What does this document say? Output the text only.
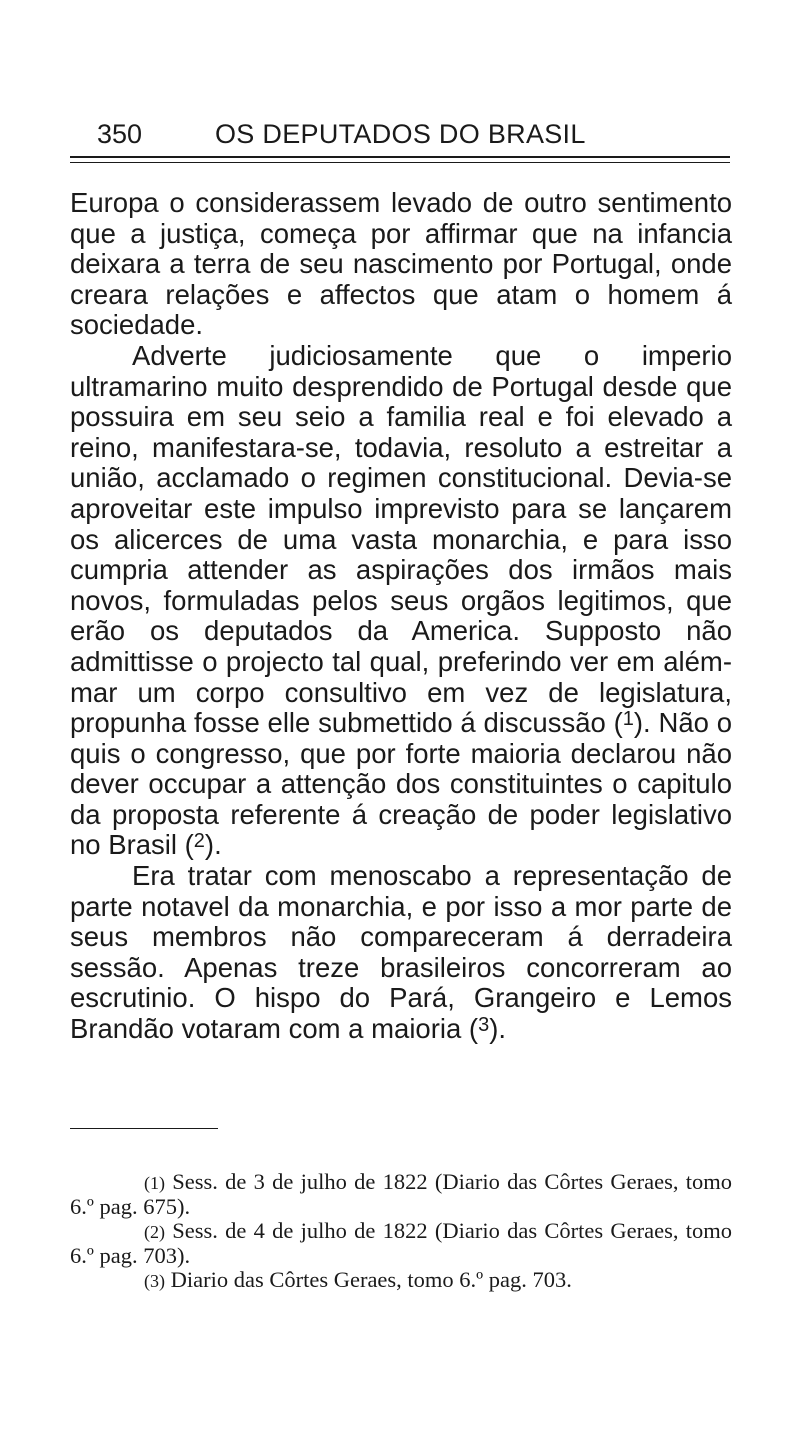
350	OS DEPUTADOS DO BRASIL

Europa o considerassem levado de outro sentimento que a justiça, começa por affirmar que na infancia deixara a terra de seu nascimento por Portugal, onde creara relações e affectos que atam o homem á sociedade.

Adverte judiciosamente que o imperio ultramarino muito desprendido de Portugal desde que possuira em seu seio a familia real e foi elevado a reino, manifestara-se, todavia, resoluto a estreitar a união, acclamado o regimen constitucional. Devia-se aproveitar este impulso imprevisto para se lançarem os alicerces de uma vasta monarchia, e para isso cumpria attender as aspirações dos irmãos mais novos, formuladas pelos seus orgãos legitimos, que erão os deputados da America. Supposto não admittisse o projecto tal qual, preferindo ver em além-mar um corpo consultivo em vez de legislatura, propunha fosse elle submettido á discussão ($^1$). Não o quis o congresso, que por forte maioria declarou não dever occupar a attenção dos constituintes o capitulo da proposta referente á creação de poder legislativo no Brasil ($^2$).

Era tratar com menoscabo a representação de parte notavel da monarchia, e por isso a mor parte de seus membros não compareceram á derradeira sessão. Apenas treze brasileiros concorreram ao escrutinio. O hispo do Pará, Grangeiro e Lemos Brandão votaram com a maioria ($^3$).

(1) Sess. de 3 de julho de 1822 (Diario das Côrtes Geraes, tomo 6.º pag. 675).

(2) Sess. de 4 de julho de 1822 (Diario das Côrtes Geraes, tomo 6.º pag. 703).

(3) Diario das Côrtes Geraes, tomo 6.º pag. 703.
